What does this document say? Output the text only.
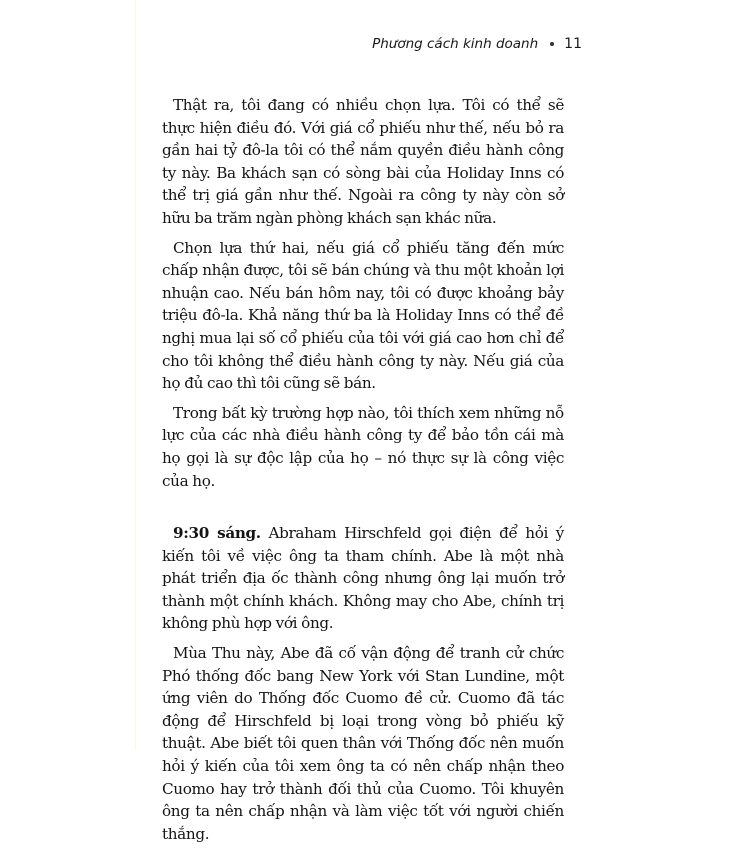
Phương cách kinh doanh 11

Thật ra, tôi đang có nhiều chọn lựa. Tôi có thể sẽ thực hiện điều đó. Với giá cổ phiếu như thế, nếu bỏ ra gần hai tỷ đô-la tôi có thể nắm quyền điều hành công ty này. Ba khách sạn có sòng bài của Holiday Inns có thể trị giá gần như thế. Ngoài ra công ty này còn sở hữu ba trăm ngàn phòng khách sạn khác nữa.

Chọn lựa thứ hai, nếu giá cổ phiếu tăng đến mức chấp nhận được, tôi sẽ bán chúng và thu một khoản lợi nhuận cao. Nếu bán hôm nay, tôi có được khoảng bảy triệu đô-la. Khả năng thứ ba là Holiday Inns có thể đề nghị mua lại số cổ phiếu của tôi với giá cao hơn chỉ để cho tôi không thể điều hành công ty này. Nếu giá của họ đủ cao thì tôi cũng sẽ bán.

Trong bất kỳ trường hợp nào, tôi thích xem những nỗ lực của các nhà điều hành công ty để bảo tồn cái mà họ gọi là sự độc lập của họ – nó thực sự là công việc của họ.

9:30 sáng. Abraham Hirschfeld gọi điện để hỏi ý kiến tôi về việc ông ta tham chính. Abe là một nhà phát triển địa ốc thành công nhưng ông lại muốn trở thành một chính khách. Không may cho Abe, chính trị không phù hợp với ông.

Mùa Thu này, Abe đã cố vận động để tranh cử chức Phó thống đốc bang New York với Stan Lundine, một ứng viên do Thống đốc Cuomo đề cử. Cuomo đã tác động để Hirschfeld bị loại trong vòng bỏ phiếu kỹ thuật. Abe biết tôi quen thân với Thống đốc nên muốn hỏi ý kiến của tôi xem ông ta có nên chấp nhận theo Cuomo hay trở thành đối thủ của Cuomo. Tôi khuyên ông ta nên chấp nhận và làm việc tốt với người chiến thắng.
